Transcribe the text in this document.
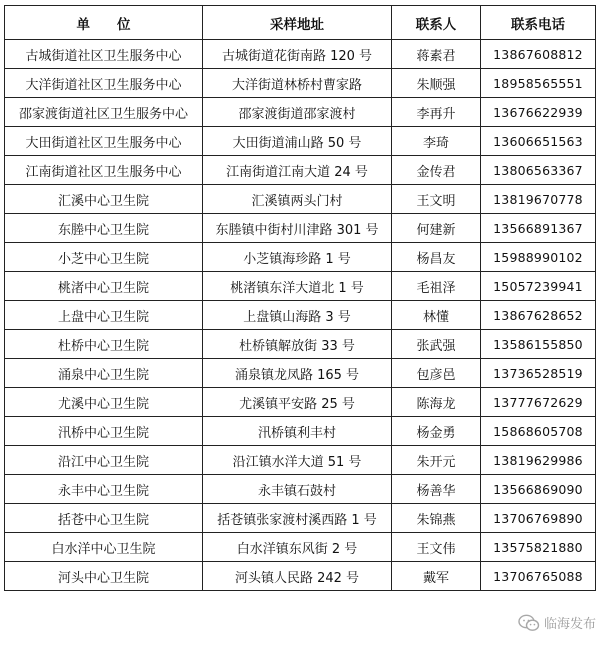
单　　位	采样地址	联系人	联系电话
古城街道社区卫生服务中心	古城街道花街南路 120 号	蒋素君	13867608812
大洋街道社区卫生服务中心	大洋街道林桥村曹家路	朱顺强	18958565551
邵家渡街道社区卫生服务中心	邵家渡街道邵家渡村	李再升	13676622939
大田街道社区卫生服务中心	大田街道浦山路 50 号	李琦	13606651563
江南街道社区卫生服务中心	江南街道江南大道 24 号	金传君	13806563367
汇溪中心卫生院	汇溪镇两头门村	王文明	13819670778
东塍中心卫生院	东塍镇中街村川津路 301 号	何建新	13566891367
小芝中心卫生院	小芝镇海珍路 1 号	杨昌友	15988990102
桃渚中心卫生院	桃渚镇东洋大道北 1 号	毛祖泽	15057239941
上盘中心卫生院	上盘镇山海路 3 号	林懂	13867628652
杜桥中心卫生院	杜桥镇解放街 33 号	张武强	13586155850
涌泉中心卫生院	涌泉镇龙凤路 165 号	包彦邑	13736528519
尤溪中心卫生院	尤溪镇平安路 25 号	陈海龙	13777672629
汛桥中心卫生院	汛桥镇利丰村	杨金勇	15868605708
沿江中心卫生院	沿江镇水洋大道 51 号	朱开元	13819629986
永丰中心卫生院	永丰镇石鼓村	杨善华	13566869090
括苍中心卫生院	括苍镇张家渡村溪西路 1 号	朱锦燕	13706769890
白水洋中心卫生院	白水洋镇东风街 2 号	王文伟	13575821880
河头中心卫生院	河头镇人民路 242 号	戴军	13706765088
临海发布
